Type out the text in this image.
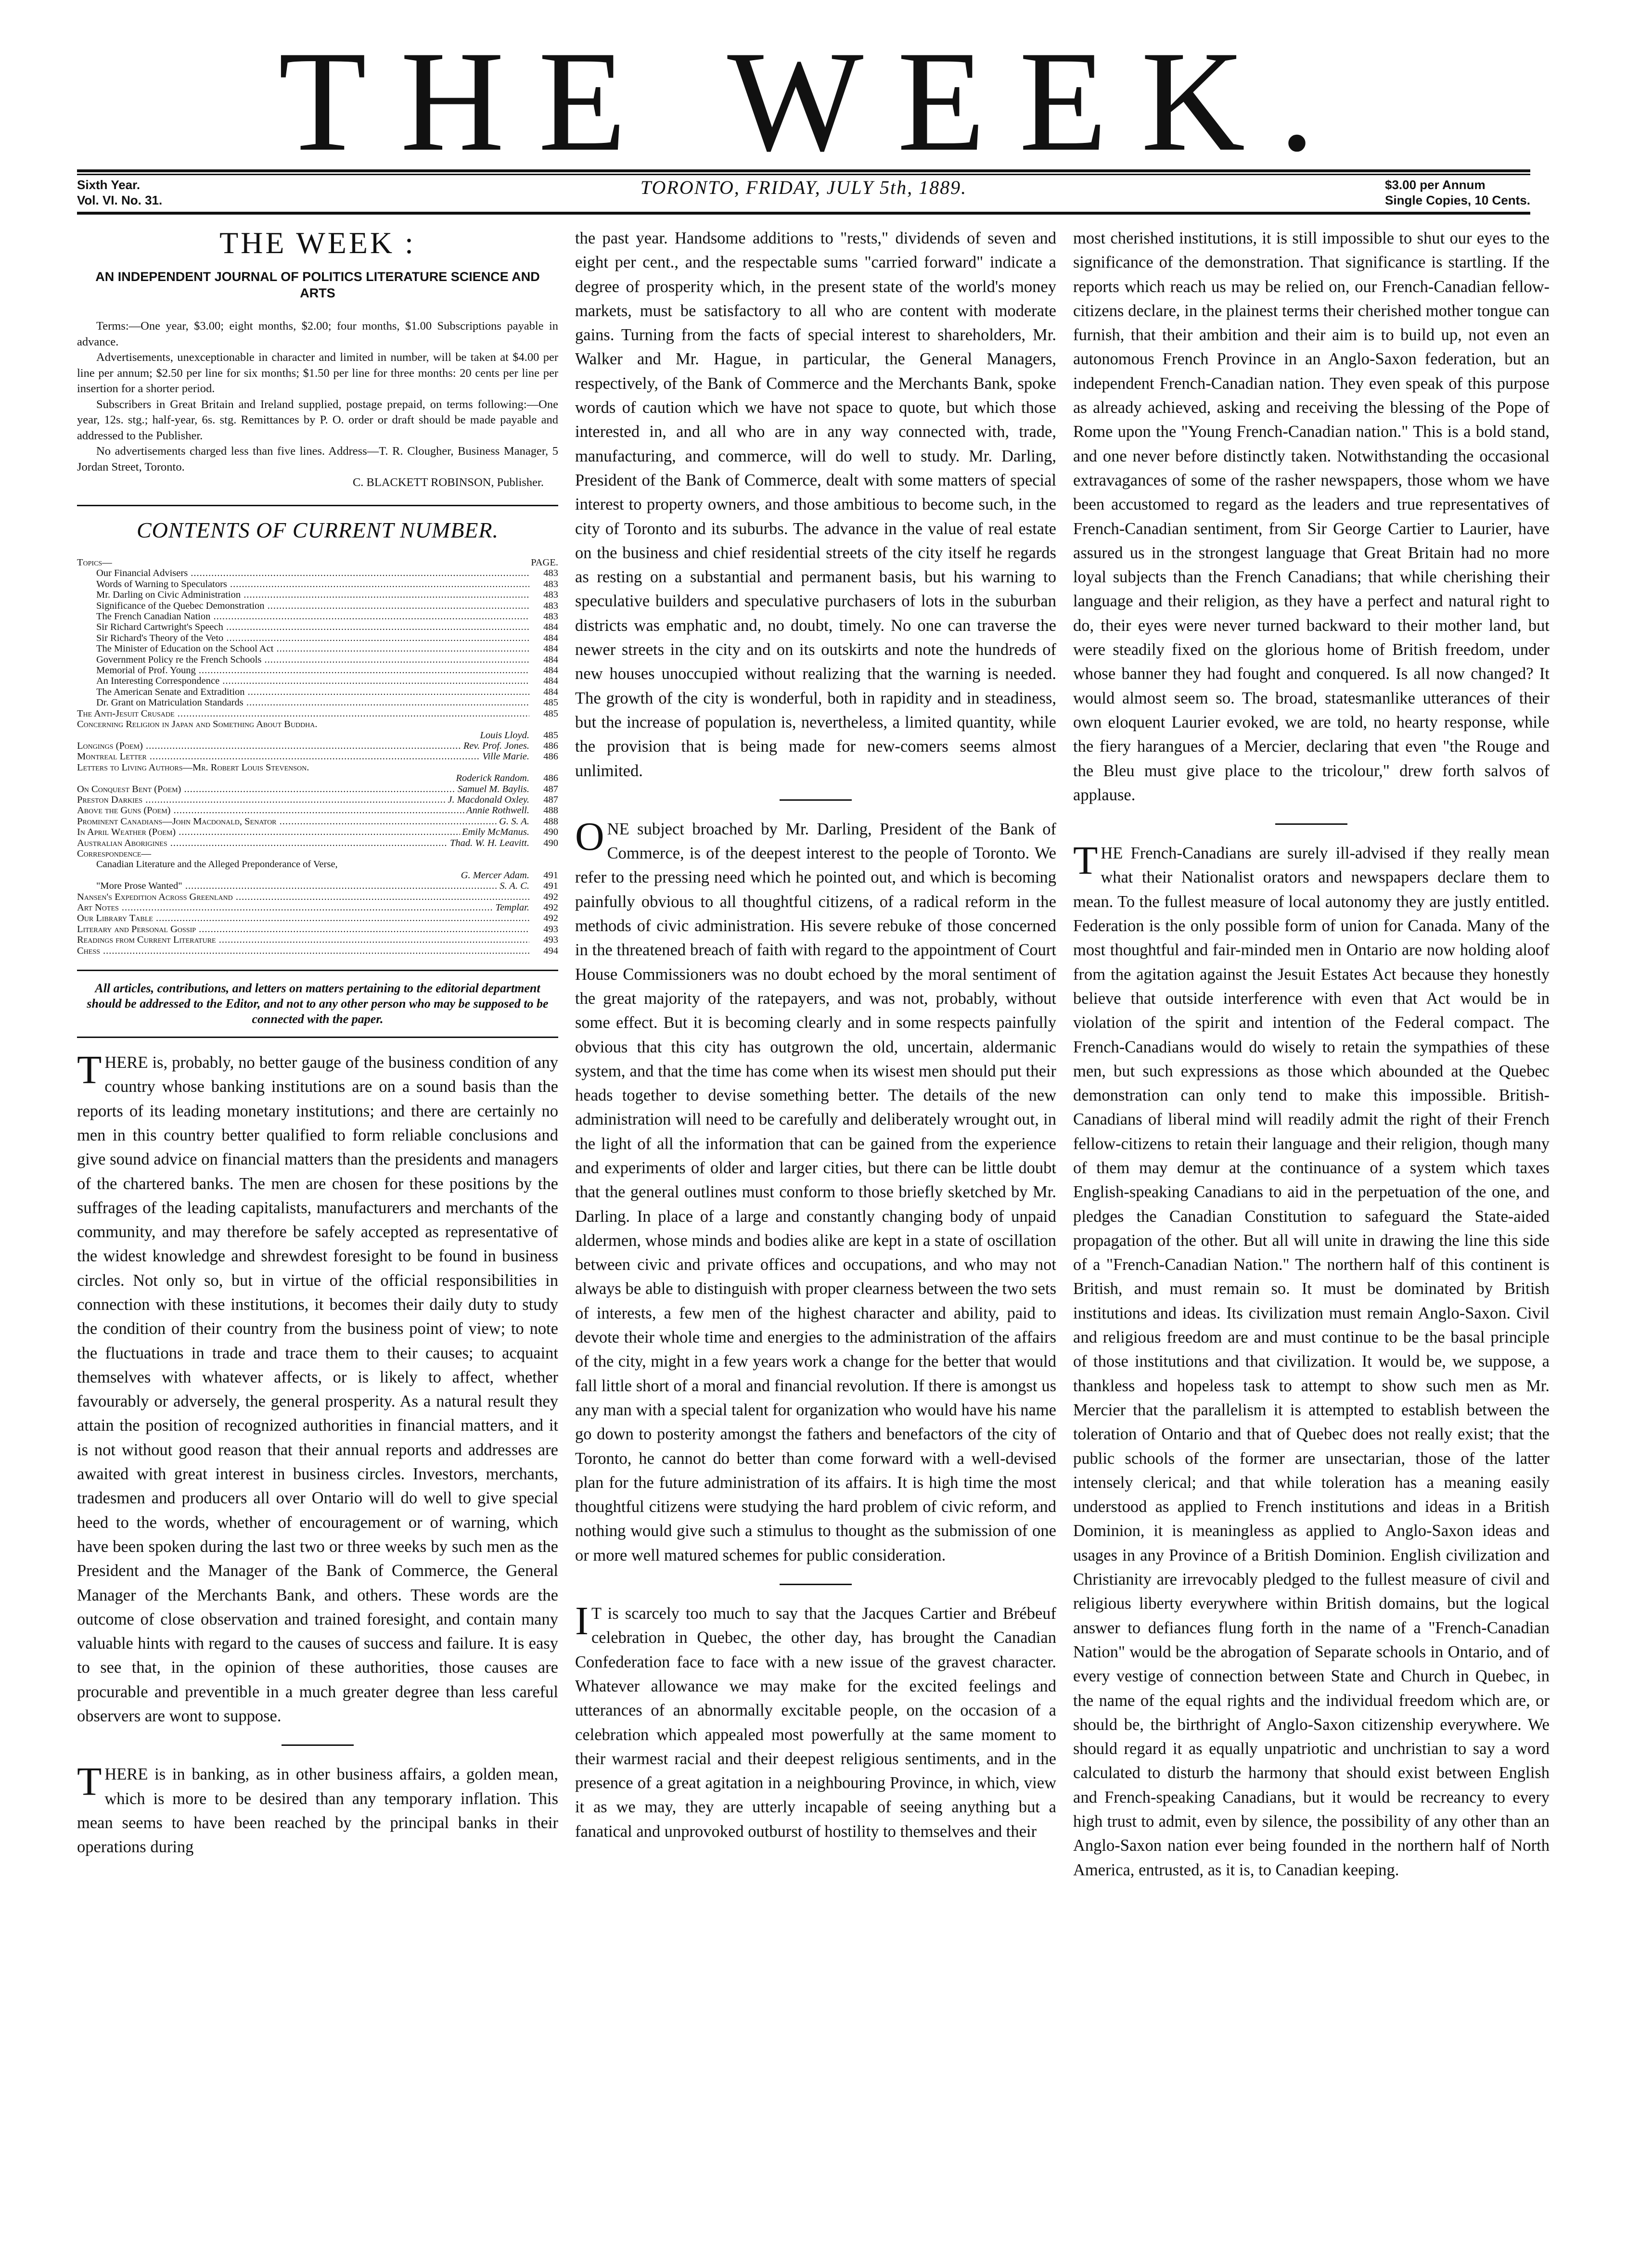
THE WEEK.
Sixth Year.
Vol. VI. No. 31.
TORONTO, FRIDAY, JULY 5th, 1889.	$3.00 per Annum
Single Copies, 10 Cents.
THE WEEK :
AN INDEPENDENT JOURNAL OF POLITICS LITERATURE SCIENCE AND ARTS

Terms:—One year, $3.00; eight months, $2.00; four months, $1.00 Subscriptions payable in advance.

Advertisements, unexceptionable in character and limited in number, will be taken at $4.00 per line per annum; $2.50 per line for six months; $1.50 per line for three months: 20 cents per line per insertion for a shorter period.

Subscribers in Great Britain and Ireland supplied, postage prepaid, on terms following:—One year, 12s. stg.; half-year, 6s. stg. Remittances by P. O. order or draft should be made payable and addressed to the Publisher.

No advertisements charged less than five lines. Address—T. R. Clougher, Business Manager, 5 Jordan Street, Toronto.

C. BLACKETT ROBINSON, Publisher.
CONTENTS OF CURRENT NUMBER.
Topics—	PAGE.
Our Financial Advisers .....	483
Words of Warning to Speculators .....	483
Mr. Darling on Civic Administration .....	483
Significance of the Quebec Demonstration .....	483
The French Canadian Nation .....	483
Sir Richard Cartwright's Speech .....	484
Sir Richard's Theory of the Veto .....	484
The Minister of Education on the School Act .....	484
Government Policy re the French Schools .....	484
Memorial of Prof. Young .....	484
An Interesting Correspondence .....	484
The American Senate and Extradition .....	484
Dr. Grant on Matriculation Standards .....	485
The Anti-Jesuit Crusade .....	485
Concerning Religion in Japan and Something About Buddha.
Louis Lloyd.	485
Longings (Poem) .....	Rev. Prof. Jones.	486
Montreal Letter .....	Ville Marie.	486
Letters to Living Authors—Mr. Robert Louis Stevenson.
Roderick Random.	486
On Conquest Bent (Poem) .....	Samuel M. Baylis.	487
Preston Darkies .....	J. Macdonald Oxley.	487
Above the Guns (Poem) .....	Annie Rothwell.	488
Prominent Canadians—John Macdonald, Senator .....	G. S. A.	488
In April Weather (Poem) .....	Emily McManus.	490
Australian Aborigines .....	Thad. W. H. Leavitt.	490
Correspondence—
Canadian Literature and the Alleged Preponderance of Verse,
G. Mercer Adam.	491
"More Prose Wanted" .....	S. A. C.	491
Nansen's Expedition Across Greenland .....	492
Art Notes .....	Templar.	492
Our Library Table .....	492
Literary and Personal Gossip .....	493
Readings from Current Literature .....	493
Chess .....	494
All articles, contributions, and letters on matters pertaining to the editorial department should be addressed to the Editor, and not to any other person who may be supposed to be connected with the paper.

THERE is, probably, no better gauge of the business condition of any country whose banking institutions are on a sound basis than the reports of its leading monetary institutions; and there are certainly no men in this country better qualified to form reliable conclusions and give sound advice on financial matters than the presidents and managers of the chartered banks. The men are chosen for these positions by the suffrages of the leading capitalists, manufacturers and merchants of the community, and may therefore be safely accepted as representative of the widest knowledge and shrewdest foresight to be found in business circles. Not only so, but in virtue of the official responsibilities in connection with these institutions, it becomes their daily duty to study the condition of their country from the business point of view; to note the fluctuations in trade and trace them to their causes; to acquaint themselves with whatever affects, or is likely to affect, whether favourably or adversely, the general prosperity. As a natural result they attain the position of recognized authorities in financial matters, and it is not without good reason that their annual reports and addresses are awaited with great interest in business circles. Investors, merchants, tradesmen and producers all over Ontario will do well to give special heed to the words, whether of encouragement or of warning, which have been spoken during the last two or three weeks by such men as the President and the Manager of the Bank of Commerce, the General Manager of the Merchants Bank, and others. These words are the outcome of close observation and trained foresight, and contain many valuable hints with regard to the causes of success and failure. It is easy to see that, in the opinion of these authorities, those causes are procurable and preventible in a much greater degree than less careful observers are wont to suppose.

THERE is in banking, as in other business affairs, a golden mean, which is more to be desired than any temporary inflation. This mean seems to have been reached by the principal banks in their operations during

the past year. Handsome additions to "rests," dividends of seven and eight per cent., and the respectable sums "carried forward" indicate a degree of prosperity which, in the present state of the world's money markets, must be satisfactory to all who are content with moderate gains. Turning from the facts of special interest to shareholders, Mr. Walker and Mr. Hague, in particular, the General Managers, respectively, of the Bank of Commerce and the Merchants Bank, spoke words of caution which we have not space to quote, but which those interested in, and all who are in any way connected with, trade, manufacturing, and commerce, will do well to study. Mr. Darling, President of the Bank of Commerce, dealt with some matters of special interest to property owners, and those ambitious to become such, in the city of Toronto and its suburbs. The advance in the value of real estate on the business and chief residential streets of the city itself he regards as resting on a substantial and permanent basis, but his warning to speculative builders and speculative purchasers of lots in the suburban districts was emphatic and, no doubt, timely. No one can traverse the newer streets in the city and on its outskirts and note the hundreds of new houses unoccupied without realizing that the warning is needed. The growth of the city is wonderful, both in rapidity and in steadiness, but the increase of population is, nevertheless, a limited quantity, while the provision that is being made for new-comers seems almost unlimited.

ONE subject broached by Mr. Darling, President of the Bank of Commerce, is of the deepest interest to the people of Toronto. We refer to the pressing need which he pointed out, and which is becoming painfully obvious to all thoughtful citizens, of a radical reform in the methods of civic administration. His severe rebuke of those concerned in the threatened breach of faith with regard to the appointment of Court House Commissioners was no doubt echoed by the moral sentiment of the great majority of the ratepayers, and was not, probably, without some effect. But it is becoming clearly and in some respects painfully obvious that this city has outgrown the old, uncertain, aldermanic system, and that the time has come when its wisest men should put their heads together to devise something better. The details of the new administration will need to be carefully and deliberately wrought out, in the light of all the information that can be gained from the experience and experiments of older and larger cities, but there can be little doubt that the general outlines must conform to those briefly sketched by Mr. Darling. In place of a large and constantly changing body of unpaid aldermen, whose minds and bodies alike are kept in a state of oscillation between civic and private offices and occupations, and who may not always be able to distinguish with proper clearness between the two sets of interests, a few men of the highest character and ability, paid to devote their whole time and energies to the administration of the affairs of the city, might in a few years work a change for the better that would fall little short of a moral and financial revolution. If there is amongst us any man with a special talent for organization who would have his name go down to posterity amongst the fathers and benefactors of the city of Toronto, he cannot do better than come forward with a well-devised plan for the future administration of its affairs. It is high time the most thoughtful citizens were studying the hard problem of civic reform, and nothing would give such a stimulus to thought as the submission of one or more well matured schemes for public consideration.

IT is scarcely too much to say that the Jacques Cartier and Brébeuf celebration in Quebec, the other day, has brought the Canadian Confederation face to face with a new issue of the gravest character. Whatever allowance we may make for the excited feelings and utterances of an abnormally excitable people, on the occasion of a celebration which appealed most powerfully at the same moment to their warmest racial and their deepest religious sentiments, and in the presence of a great agitation in a neighbouring Province, in which, view it as we may, they are utterly incapable of seeing anything but a fanatical and unprovoked outburst of hostility to themselves and their

most cherished institutions, it is still impossible to shut our eyes to the significance of the demonstration. That significance is startling. If the reports which reach us may be relied on, our French-Canadian fellow-citizens declare, in the plainest terms their cherished mother tongue can furnish, that their ambition and their aim is to build up, not even an autonomous French Province in an Anglo-Saxon federation, but an independent French-Canadian nation. They even speak of this purpose as already achieved, asking and receiving the blessing of the Pope of Rome upon the "Young French-Canadian nation." This is a bold stand, and one never before distinctly taken. Notwithstanding the occasional extravagances of some of the rasher newspapers, those whom we have been accustomed to regard as the leaders and true representatives of French-Canadian sentiment, from Sir George Cartier to Laurier, have assured us in the strongest language that Great Britain had no more loyal subjects than the French Canadians; that while cherishing their language and their religion, as they have a perfect and natural right to do, their eyes were never turned backward to their mother land, but were steadily fixed on the glorious home of British freedom, under whose banner they had fought and conquered. Is all now changed? It would almost seem so. The broad, statesmanlike utterances of their own eloquent Laurier evoked, we are told, no hearty response, while the fiery harangues of a Mercier, declaring that even "the Rouge and the Bleu must give place to the tricolour," drew forth salvos of applause.

THE French-Canadians are surely ill-advised if they really mean what their Nationalist orators and newspapers declare them to mean. To the fullest measure of local autonomy they are justly entitled. Federation is the only possible form of union for Canada. Many of the most thoughtful and fair-minded men in Ontario are now holding aloof from the agitation against the Jesuit Estates Act because they honestly believe that outside interference with even that Act would be in violation of the spirit and intention of the Federal compact. The French-Canadians would do wisely to retain the sympathies of these men, but such expressions as those which abounded at the Quebec demonstration can only tend to make this impossible. British-Canadians of liberal mind will readily admit the right of their French fellow-citizens to retain their language and their religion, though many of them may demur at the continuance of a system which taxes English-speaking Canadians to aid in the perpetuation of the one, and pledges the Canadian Constitution to safeguard the State-aided propagation of the other. But all will unite in drawing the line this side of a "French-Canadian Nation." The northern half of this continent is British, and must remain so. It must be dominated by British institutions and ideas. Its civilization must remain Anglo-Saxon. Civil and religious freedom are and must continue to be the basal principle of those institutions and that civilization. It would be, we suppose, a thankless and hopeless task to attempt to show such men as Mr. Mercier that the parallelism it is attempted to establish between the toleration of Ontario and that of Quebec does not really exist; that the public schools of the former are unsectarian, those of the latter intensely clerical; and that while toleration has a meaning easily understood as applied to French institutions and ideas in a British Dominion, it is meaningless as applied to Anglo-Saxon ideas and usages in any Province of a British Dominion. English civilization and Christianity are irrevocably pledged to the fullest measure of civil and religious liberty everywhere within British domains, but the logical answer to defiances flung forth in the name of a "French-Canadian Nation" would be the abrogation of Separate schools in Ontario, and of every vestige of connection between State and Church in Quebec, in the name of the equal rights and the individual freedom which are, or should be, the birthright of Anglo-Saxon citizenship everywhere. We should regard it as equally unpatriotic and unchristian to say a word calculated to disturb the harmony that should exist between English and French-speaking Canadians, but it would be recreancy to every high trust to admit, even by silence, the possibility of any other than an Anglo-Saxon nation ever being founded in the northern half of North America, entrusted, as it is, to Canadian keeping.
